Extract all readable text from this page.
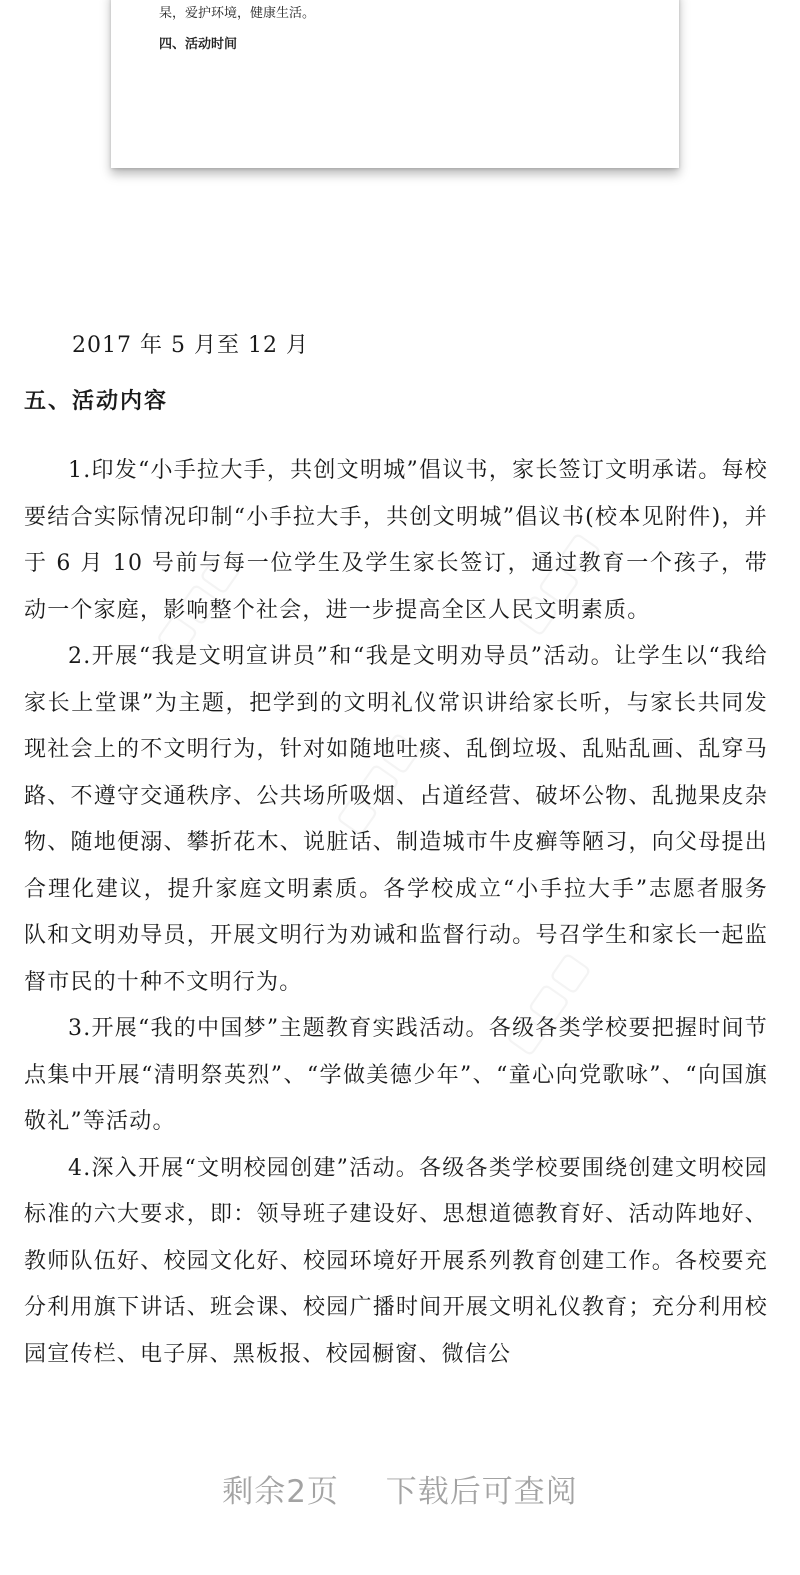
杲，爱护环境，健康生活。
四、活动时间
2017 年 5 月至 12 月
五、活动内容

1.印发“小手拉大手，共创文明城”倡议书，家长签订文明承诺。每校要结合实际情况印制“小手拉大手，共创文明城”倡议书(校本见附件)，并于 6 月 10 号前与每一位学生及学生家长签订，通过教育一个孩子，带动一个家庭，影响整个社会，进一步提高全区人民文明素质。

2.开展“我是文明宣讲员”和“我是文明劝导员”活动。让学生以“我给家长上堂课”为主题，把学到的文明礼仪常识讲给家长听，与家长共同发现社会上的不文明行为，针对如随地吐痰、乱倒垃圾、乱贴乱画、乱穿马路、不遵守交通秩序、公共场所吸烟、占道经营、破坏公物、乱抛果皮杂物、随地便溺、攀折花木、说脏话、制造城市牛皮癣等陋习，向父母提出合理化建议，提升家庭文明素质。各学校成立“小手拉大手”志愿者服务队和文明劝导员，开展文明行为劝诫和监督行动。号召学生和家长一起监督市民的十种不文明行为。

3.开展“我的中国梦”主题教育实践活动。各级各类学校要把握时间节点集中开展“清明祭英烈”、“学做美德少年”、“童心向党歌咏”、“向国旗敬礼”等活动。

4.深入开展“文明校园创建”活动。各级各类学校要围绕创建文明校园标准的六大要求，即：领导班子建设好、思想道德教育好、活动阵地好、教师队伍好、校园文化好、校园环境好开展系列教育创建工作。各校要充分利用旗下讲话、班会课、校园广播时间开展文明礼仪教育；充分利用校园宣传栏、电子屏、黑板报、校园橱窗、微信公

剩余2页 下载后可查阅
